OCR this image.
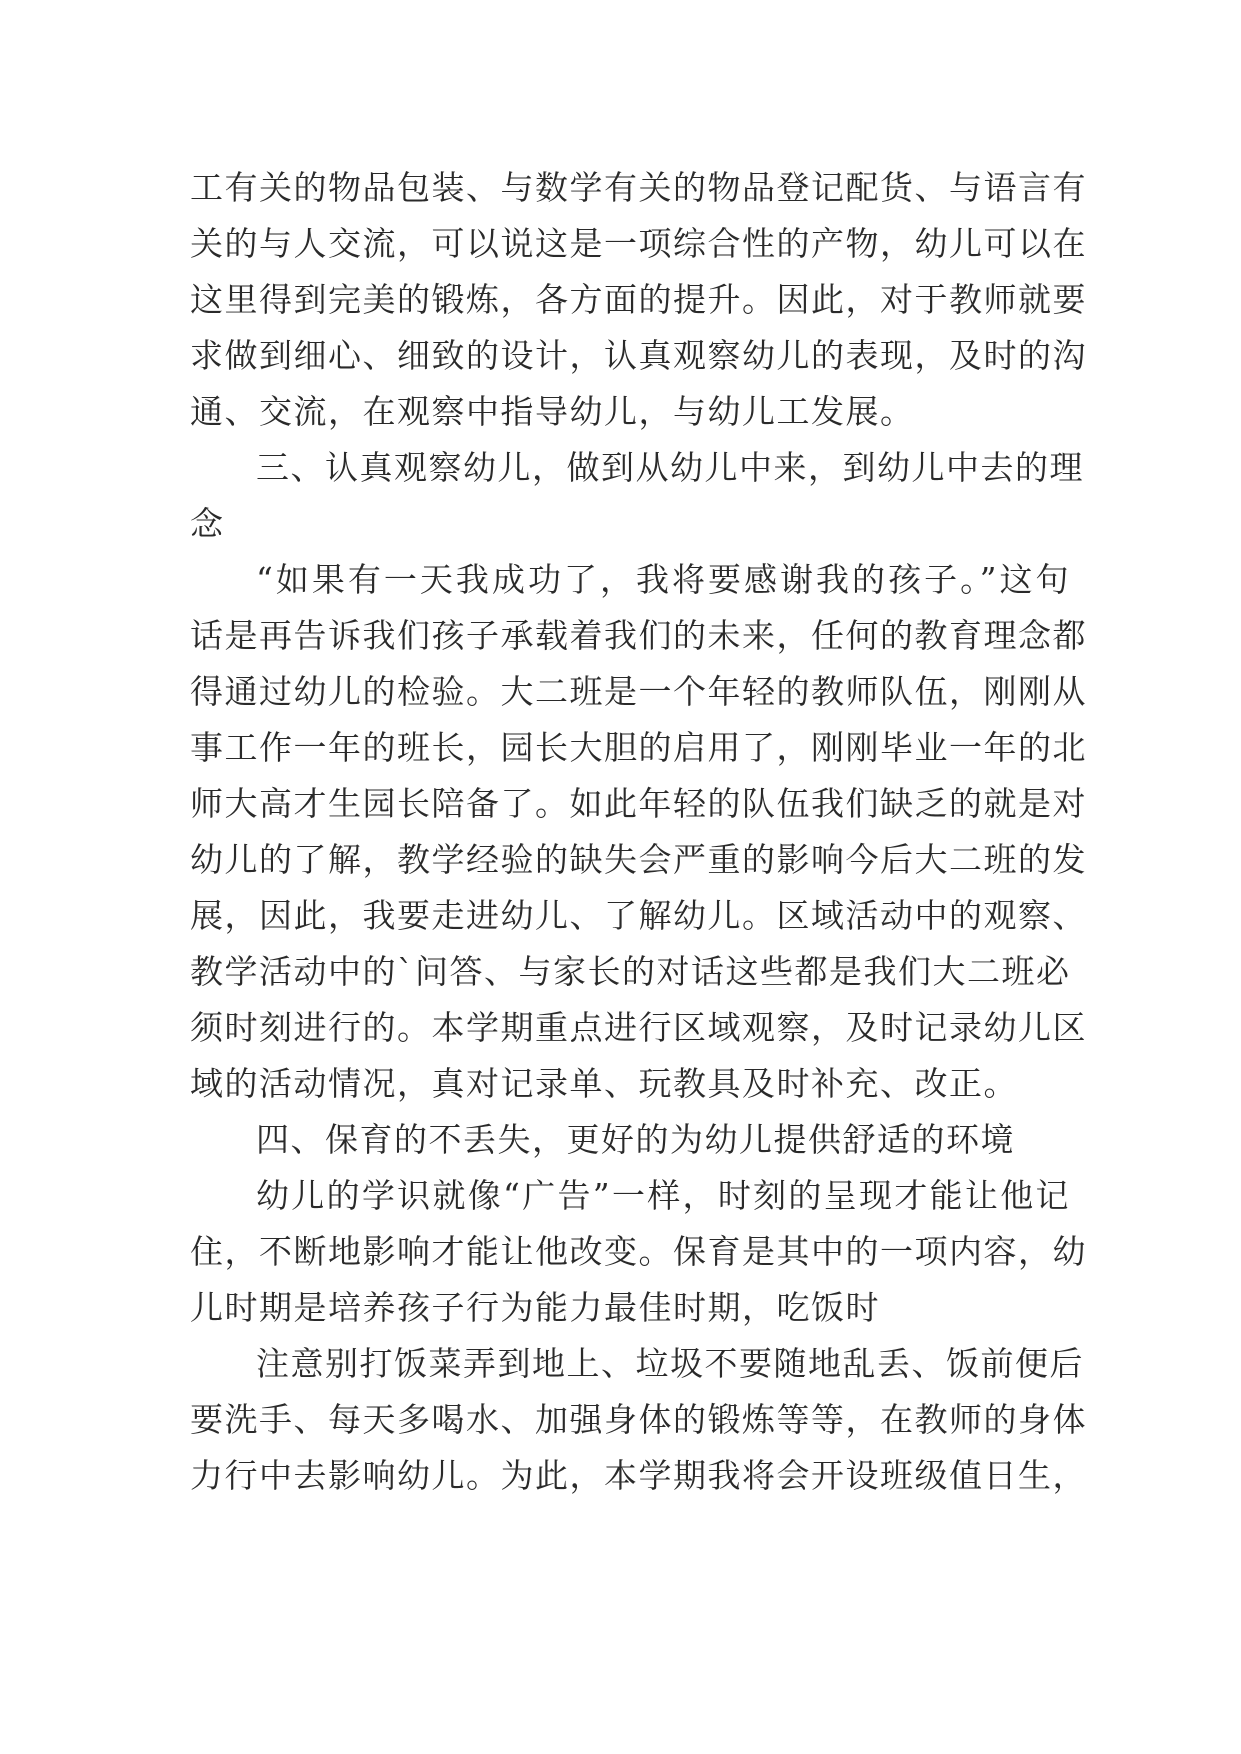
工有关的物品包装、与数学有关的物品登记配货、与语言有
关的与人交流，可以说这是一项综合性的产物，幼儿可以在
这里得到完美的锻炼，各方面的提升。因此，对于教师就要
求做到细心、细致的设计，认真观察幼儿的表现，及时的沟
通、交流，在观察中指导幼儿，与幼儿工发展。
三、认真观察幼儿，做到从幼儿中来，到幼儿中去的理
念
“如果有一天我成功了，我将要感谢我的孩子。”这句
话是再告诉我们孩子承载着我们的未来，任何的教育理念都
得通过幼儿的检验。大二班是一个年轻的教师队伍，刚刚从
事工作一年的班长，园长大胆的启用了，刚刚毕业一年的北
师大高才生园长陪备了。如此年轻的队伍我们缺乏的就是对
幼儿的了解，教学经验的缺失会严重的影响今后大二班的发
展，因此，我要走进幼儿、了解幼儿。区域活动中的观察、
教学活动中的`问答、与家长的对话这些都是我们大二班必
须时刻进行的。本学期重点进行区域观察，及时记录幼儿区
域的活动情况，真对记录单、玩教具及时补充、改正。
四、保育的不丢失，更好的为幼儿提供舒适的环境
幼儿的学识就像“广告”一样，时刻的呈现才能让他记
住，不断地影响才能让他改变。保育是其中的一项内容，幼
儿时期是培养孩子行为能力最佳时期，吃饭时
注意别打饭菜弄到地上、垃圾不要随地乱丢、饭前便后
要洗手、每天多喝水、加强身体的锻炼等等，在教师的身体
力行中去影响幼儿。为此，本学期我将会开设班级值日生，
